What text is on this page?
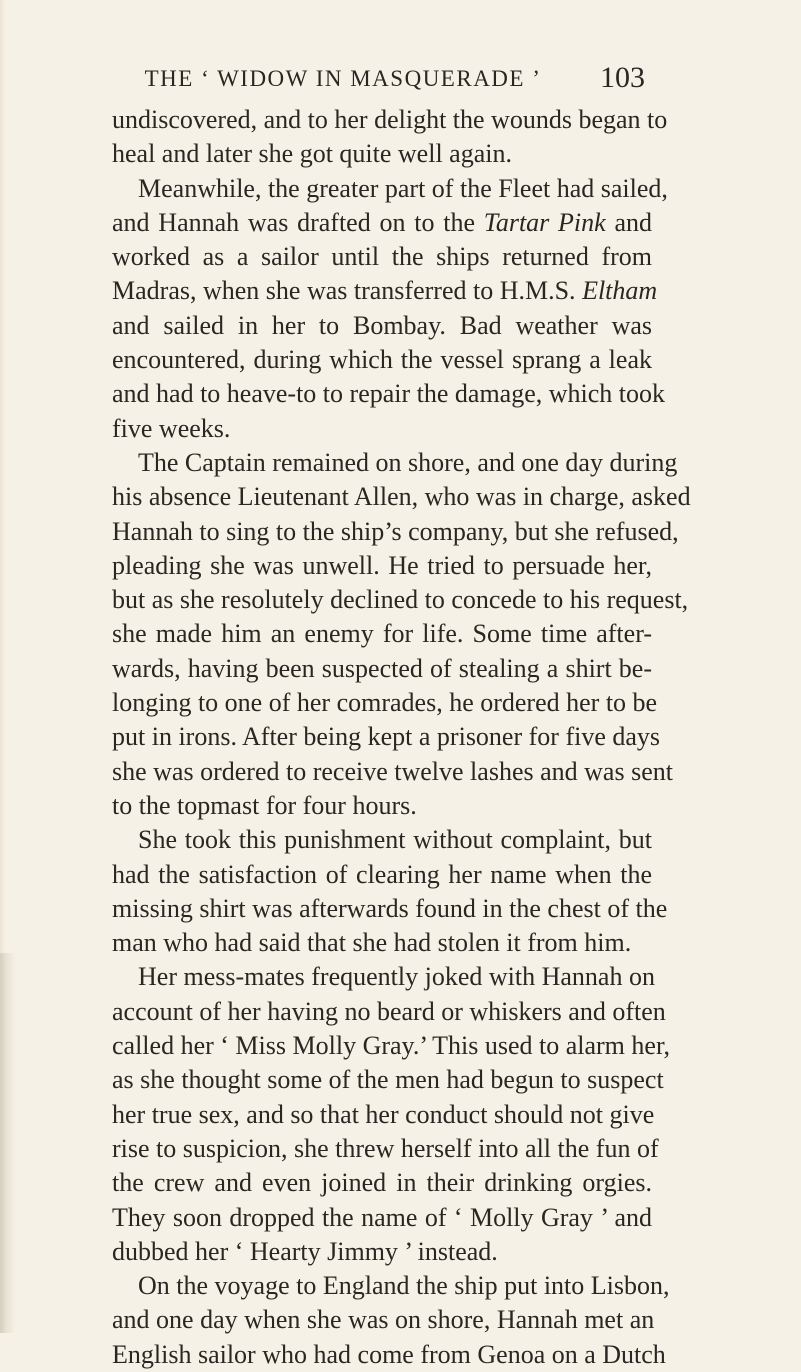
THE ‘ WIDOW IN MASQUERADE ’ 103
undiscovered, and to her delight the wounds began to
heal and later she got quite well again.
Meanwhile, the greater part of the Fleet had sailed,
and Hannah was drafted on to the Tartar Pink and
worked as a sailor until the ships returned from
Madras, when she was transferred to H.M.S. Eltham
and sailed in her to Bombay. Bad weather was
encountered, during which the vessel sprang a leak
and had to heave-to to repair the damage, which took
five weeks.
The Captain remained on shore, and one day during
his absence Lieutenant Allen, who was in charge, asked
Hannah to sing to the ship’s company, but she refused,
pleading she was unwell. He tried to persuade her,
but as she resolutely declined to concede to his request,
she made him an enemy for life. Some time after-
wards, having been suspected of stealing a shirt be-
longing to one of her comrades, he ordered her to be
put in irons. After being kept a prisoner for five days
she was ordered to receive twelve lashes and was sent
to the topmast for four hours.
She took this punishment without complaint, but
had the satisfaction of clearing her name when the
missing shirt was afterwards found in the chest of the
man who had said that she had stolen it from him.
Her mess-mates frequently joked with Hannah on
account of her having no beard or whiskers and often
called her ‘ Miss Molly Gray.’ This used to alarm her,
as she thought some of the men had begun to suspect
her true sex, and so that her conduct should not give
rise to suspicion, she threw herself into all the fun of
the crew and even joined in their drinking orgies.
They soon dropped the name of ‘ Molly Gray ’ and
dubbed her ‘ Hearty Jimmy ’ instead.
On the voyage to England the ship put into Lisbon,
and one day when she was on shore, Hannah met an
English sailor who had come from Genoa on a Dutch
